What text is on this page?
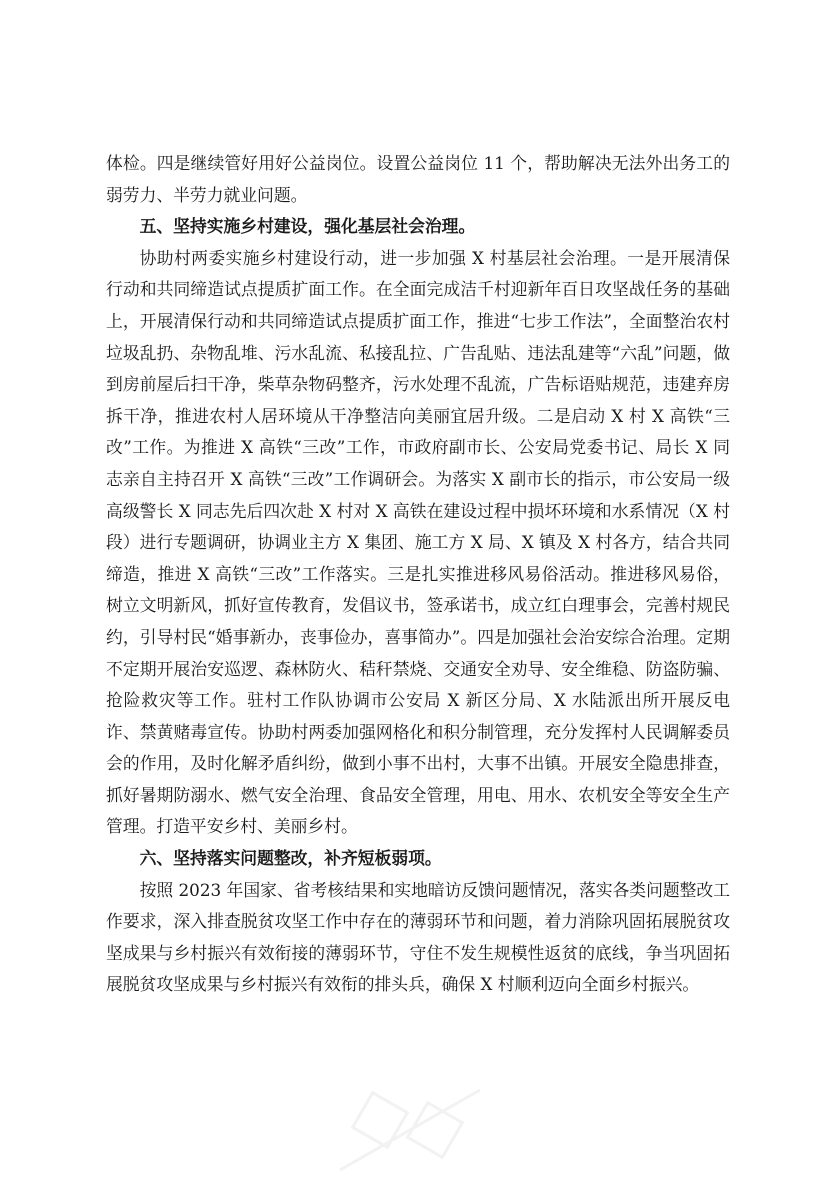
体检。四是继续管好用好公益岗位。设置公益岗位 11 个，帮助解决无法外出务工的弱劳力、半劳力就业问题。

五、坚持实施乡村建设，强化基层社会治理。

协助村两委实施乡村建设行动，进一步加强 X 村基层社会治理。一是开展清保行动和共同缔造试点提质扩面工作。在全面完成洁千村迎新年百日攻坚战任务的基础上，开展清保行动和共同缔造试点提质扩面工作，推进“七步工作法”，全面整治农村垃圾乱扔、杂物乱堆、污水乱流、私接乱拉、广告乱贴、违法乱建等“六乱”问题，做到房前屋后扫干净，柴草杂物码整齐，污水处理不乱流，广告标语贴规范，违建弃房拆干净，推进农村人居环境从干净整洁向美丽宜居升级。二是启动 X 村 X 高铁“三改”工作。为推进 X 高铁“三改”工作，市政府副市长、公安局党委书记、局长 X 同志亲自主持召开 X 高铁“三改”工作调研会。为落实 X 副市长的指示，市公安局一级高级警长 X 同志先后四次赴 X 村对 X 高铁在建设过程中损坏环境和水系情况（X 村段）进行专题调研，协调业主方 X 集团、施工方 X 局、X 镇及 X 村各方，结合共同缔造，推进 X 高铁“三改”工作落实。三是扎实推进移风易俗活动。推进移风易俗，树立文明新风，抓好宣传教育，发倡议书，签承诺书，成立红白理事会，完善村规民约，引导村民“婚事新办，丧事俭办，喜事简办”。四是加强社会治安综合治理。定期不定期开展治安巡逻、森林防火、秸秆禁烧、交通安全劝导、安全维稳、防盗防骗、抢险救灾等工作。驻村工作队协调市公安局 X 新区分局、X 水陆派出所开展反电诈、禁黄赌毒宣传。协助村两委加强网格化和积分制管理，充分发挥村人民调解委员会的作用，及时化解矛盾纠纷，做到小事不出村，大事不出镇。开展安全隐患排查，抓好暑期防溺水、燃气安全治理、食品安全管理，用电、用水、农机安全等安全生产管理。打造平安乡村、美丽乡村。

六、坚持落实问题整改，补齐短板弱项。

按照 2023 年国家、省考核结果和实地暗访反馈问题情况，落实各类问题整改工作要求，深入排查脱贫攻坚工作中存在的薄弱环节和问题，着力消除巩固拓展脱贫攻坚成果与乡村振兴有效衔接的薄弱环节，守住不发生规模性返贫的底线，争当巩固拓展脱贫攻坚成果与乡村振兴有效衔的排头兵，确保 X 村顺利迈向全面乡村振兴。
